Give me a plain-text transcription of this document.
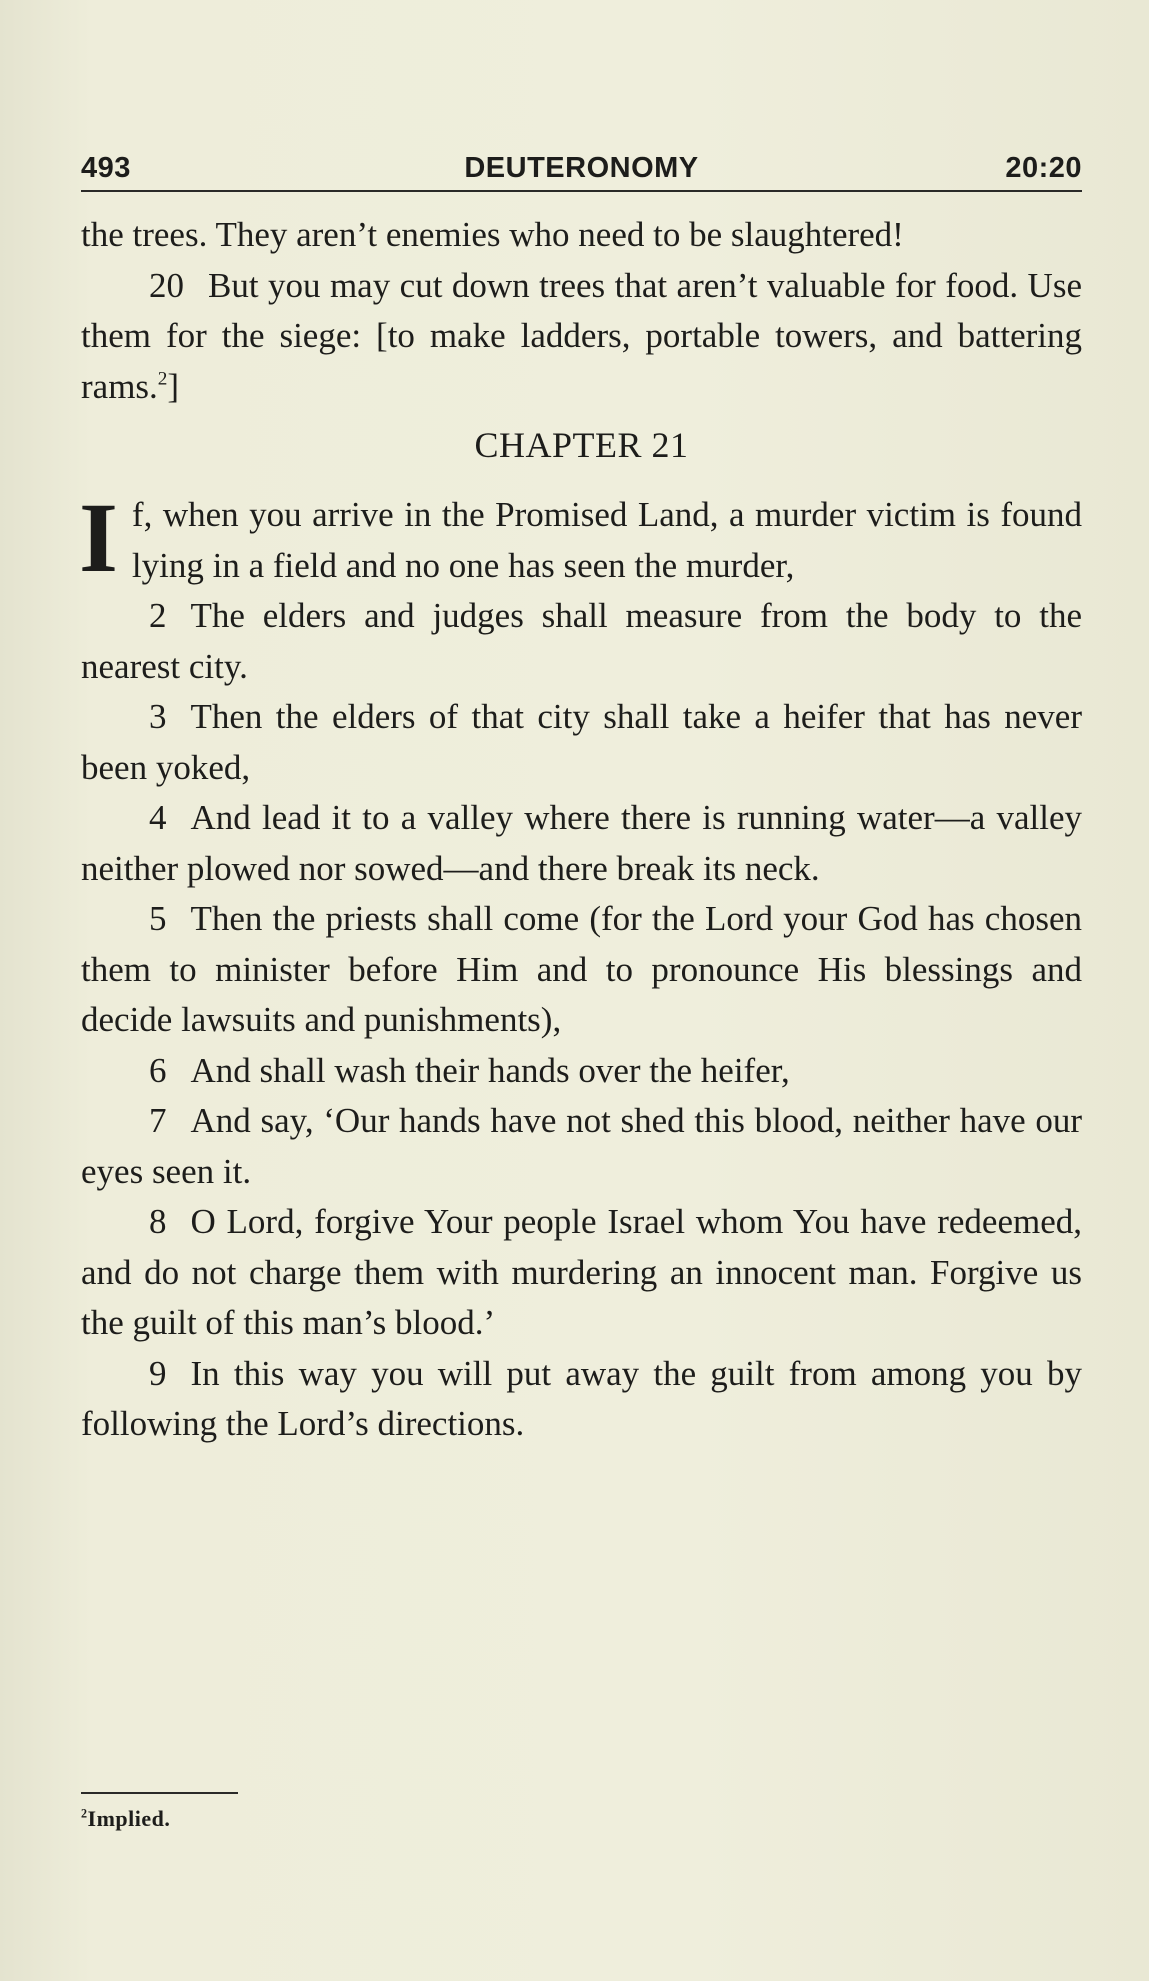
493	DEUTERONOMY	20:20

the trees. They aren’t enemies who need to be slaughtered!

20 But you may cut down trees that aren’t valuable for food. Use them for the siege: [to make ladders, portable towers, and battering rams.$^2$]

CHAPTER 21

If, when you arrive in the Promised Land, a murder victim is found lying in a field and no one has seen the murder,

2 The elders and judges shall measure from the body to the nearest city.

3 Then the elders of that city shall take a heifer that has never been yoked,

4 And lead it to a valley where there is running water—a valley neither plowed nor sowed—and there break its neck.

5 Then the priests shall come (for the Lord your God has chosen them to minister before Him and to pronounce His blessings and decide lawsuits and punishments),

6 And shall wash their hands over the heifer,

7 And say, ‘Our hands have not shed this blood, neither have our eyes seen it.

8 O Lord, forgive Your people Israel whom You have redeemed, and do not charge them with murdering an innocent man. Forgive us the guilt of this man’s blood.’

9 In this way you will put away the guilt from among you by following the Lord’s directions.

$^2$Implied.
